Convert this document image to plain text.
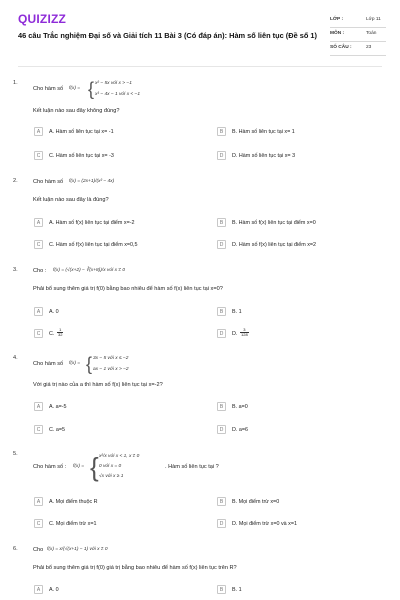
QUIZIZZ
46 câu Trắc nghiệm Đại số và Giải tích 11 Bài 3 (Có đáp án): Hàm số liên tục (Đề số 1)
LỚP :	Lớp 11
MÔN :	Toán
SỐ CÂU :	23
1.
Cho hàm số f(x) = { x² − 5x với x > −1
x³ − 4x − 1 với x < −1
Kết luận nào sau đây không đúng?
A	A. Hàm số liên tục tại x= -1	B	B. Hàm số liên tục tại x= 1
C	C. Hàm số liên tục tại x= -3	D	D. Hàm số liên tục tại x= 3
2.	Cho hàm số f(x) = (2x+1)/(x² − 4x)
Kết luận nào sau đây là đúng?
A	A. Hàm số f(x) liên tục tại điểm x=-2	B	B. Hàm số f(x) liên tục tại điểm x=0
C	C. Hàm số f(x) liên tục tại điểm x=0,5	D	D. Hàm số f(x) liên tục tại điểm x=2
3.	Cho : f(x) = (√(x+2) − ∛(x+8))/x với x ≠ 0
Phải bổ sung thêm giá trị f(0) bằng bao nhiêu để hàm số f(x) liên tục tại x=0?
A	A. 0	B	B. 1
C	C. $\frac{1}{32}$	D	D. $\frac{3}{128}$
4.
Cho hàm số f(x) = { 3x − 5 với x ≤ −2
ax − 1 với x > −2
Với giá trị nào của a thì hàm số f(x) liên tục tại x=-2?
A	A. a=-5	B	B. a=0
C	C. a=5	D	D. a=6
5.
Cho hàm số : f(x) = { x²/x với x < 1, x ≠ 0
0 với x = 0
√x với x ≥ 1
. Hàm số liên tục tại ?
A	A. Mọi điểm thuộc R	B	B. Mọi điểm trừ x=0
C	C. Mọi điểm trừ x=1	D	D. Mọi điểm trừ x=0 và x=1
6.	Cho f(x) = x/(√(x+1) − 1) với x ≠ 0
Phải bổ sung thêm giá trị f(0) giá trị bằng bao nhiêu để hàm số f(x) liên tục trên R?
A	A. 0	B	B. 1
